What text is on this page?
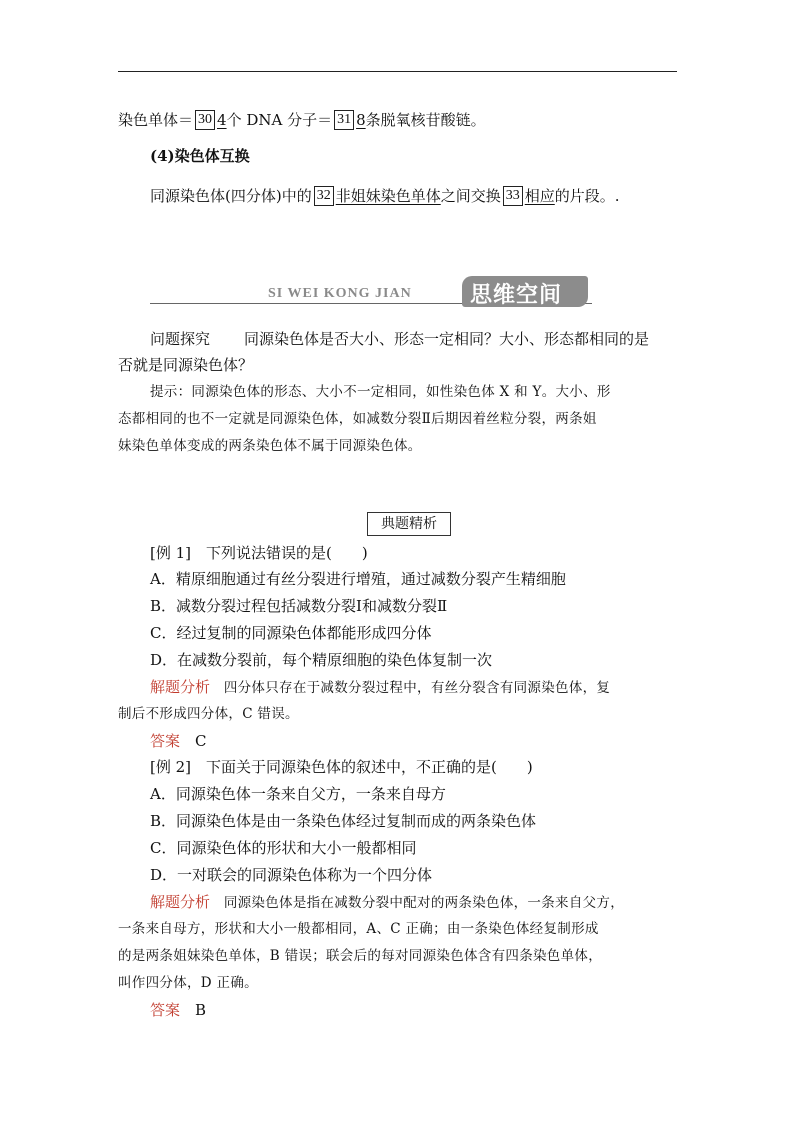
染色单体＝ 30 4个 DNA 分子＝ 31 8条脱氧核苷酸链。
(4)染色体互换
同源染色体(四分体)中的 32 非姐妹染色单体之间交换 33 相应的片段。.
SI WEI KONG JIAN	思维空间
问题探究 同源染色体是否大小、形态一定相同？大小、形态都相同的是
否就是同源染色体？
提示：同源染色体的形态、大小不一定相同，如性染色体 X 和 Y。大小、形
态都相同的也不一定就是同源染色体，如减数分裂Ⅱ后期因着丝粒分裂，两条姐
妹染色单体变成的两条染色体不属于同源染色体。
典题精析
[例 1]　下列说法错误的是(　　)
A．精原细胞通过有丝分裂进行增殖，通过减数分裂产生精细胞
B．减数分裂过程包括减数分裂Ⅰ和减数分裂Ⅱ
C．经过复制的同源染色体都能形成四分体
D．在减数分裂前，每个精原细胞的染色体复制一次
解题分析　四分体只存在于减数分裂过程中，有丝分裂含有同源染色体，复
制后不形成四分体，C 错误。
答案　C
[例 2]　下面关于同源染色体的叙述中，不正确的是(　　)
A．同源染色体一条来自父方，一条来自母方
B．同源染色体是由一条染色体经过复制而成的两条染色体
C．同源染色体的形状和大小一般都相同
D．一对联会的同源染色体称为一个四分体
解题分析　同源染色体是指在减数分裂中配对的两条染色体，一条来自父方，
一条来自母方，形状和大小一般都相同，A、C 正确；由一条染色体经复制形成
的是两条姐妹染色单体，B 错误；联会后的每对同源染色体含有四条染色单体，
叫作四分体，D 正确。
答案　B
